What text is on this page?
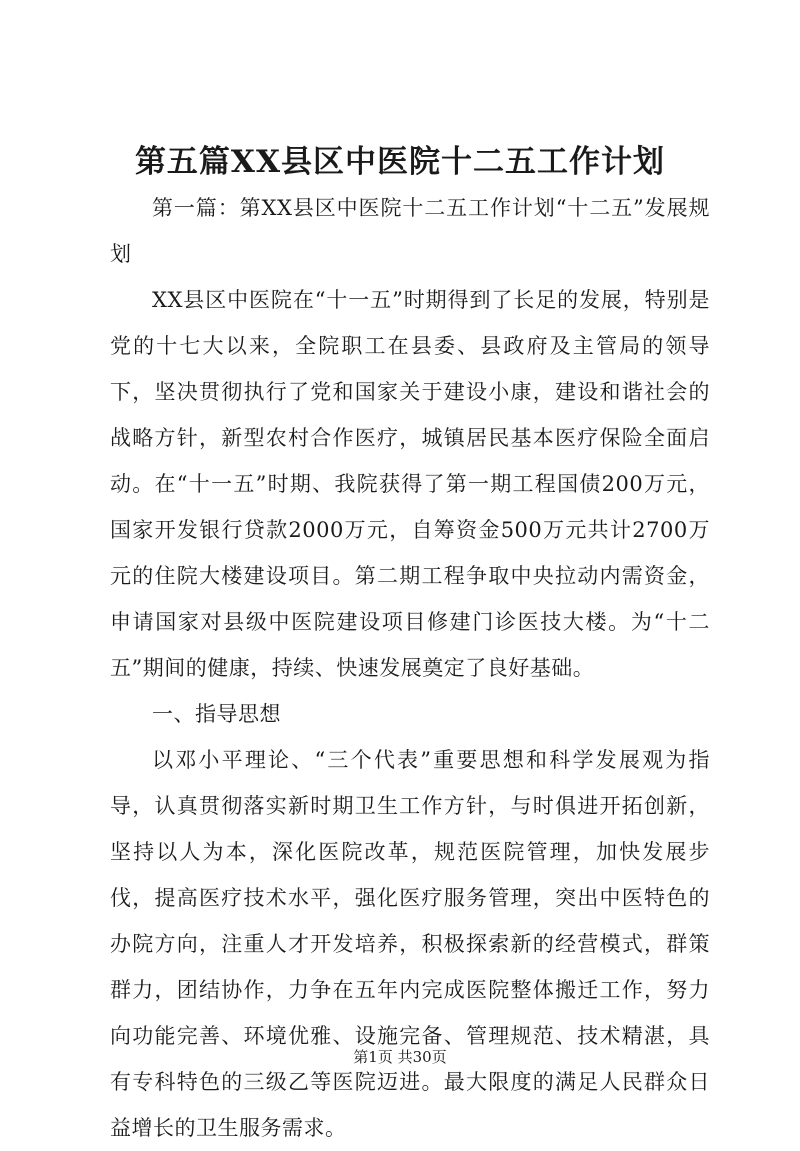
第五篇XX县区中医院十二五工作计划

第一篇：第XX县区中医院十二五工作计划“十二五”发展规划

XX县区中医院在“十一五”时期得到了长足的发展，特别是党的十七大以来，全院职工在县委、县政府及主管局的领导下，坚决贯彻执行了党和国家关于建设小康，建设和谐社会的战略方针，新型农村合作医疗，城镇居民基本医疗保险全面启动。在“十一五”时期、我院获得了第一期工程国债200万元，国家开发银行贷款2000万元，自筹资金500万元共计2700万元的住院大楼建设项目。第二期工程争取中央拉动内需资金，申请国家对县级中医院建设项目修建门诊医技大楼。为“十二五”期间的健康，持续、快速发展奠定了良好基础。

一、指导思想

以邓小平理论、“三个代表”重要思想和科学发展观为指导，认真贯彻落实新时期卫生工作方针，与时俱进开拓创新，坚持以人为本，深化医院改革，规范医院管理，加快发展步伐，提高医疗技术水平，强化医疗服务管理，突出中医特色的办院方向，注重人才开发培养，积极探索新的经营模式，群策群力，团结协作，力争在五年内完成医院整体搬迁工作，努力向功能完善、环境优雅、设施完备、管理规范、技术精湛，具有专科特色的三级乙等医院迈进。最大限度的满足人民群众日益增长的卫生服务需求。

第1页 共30页
